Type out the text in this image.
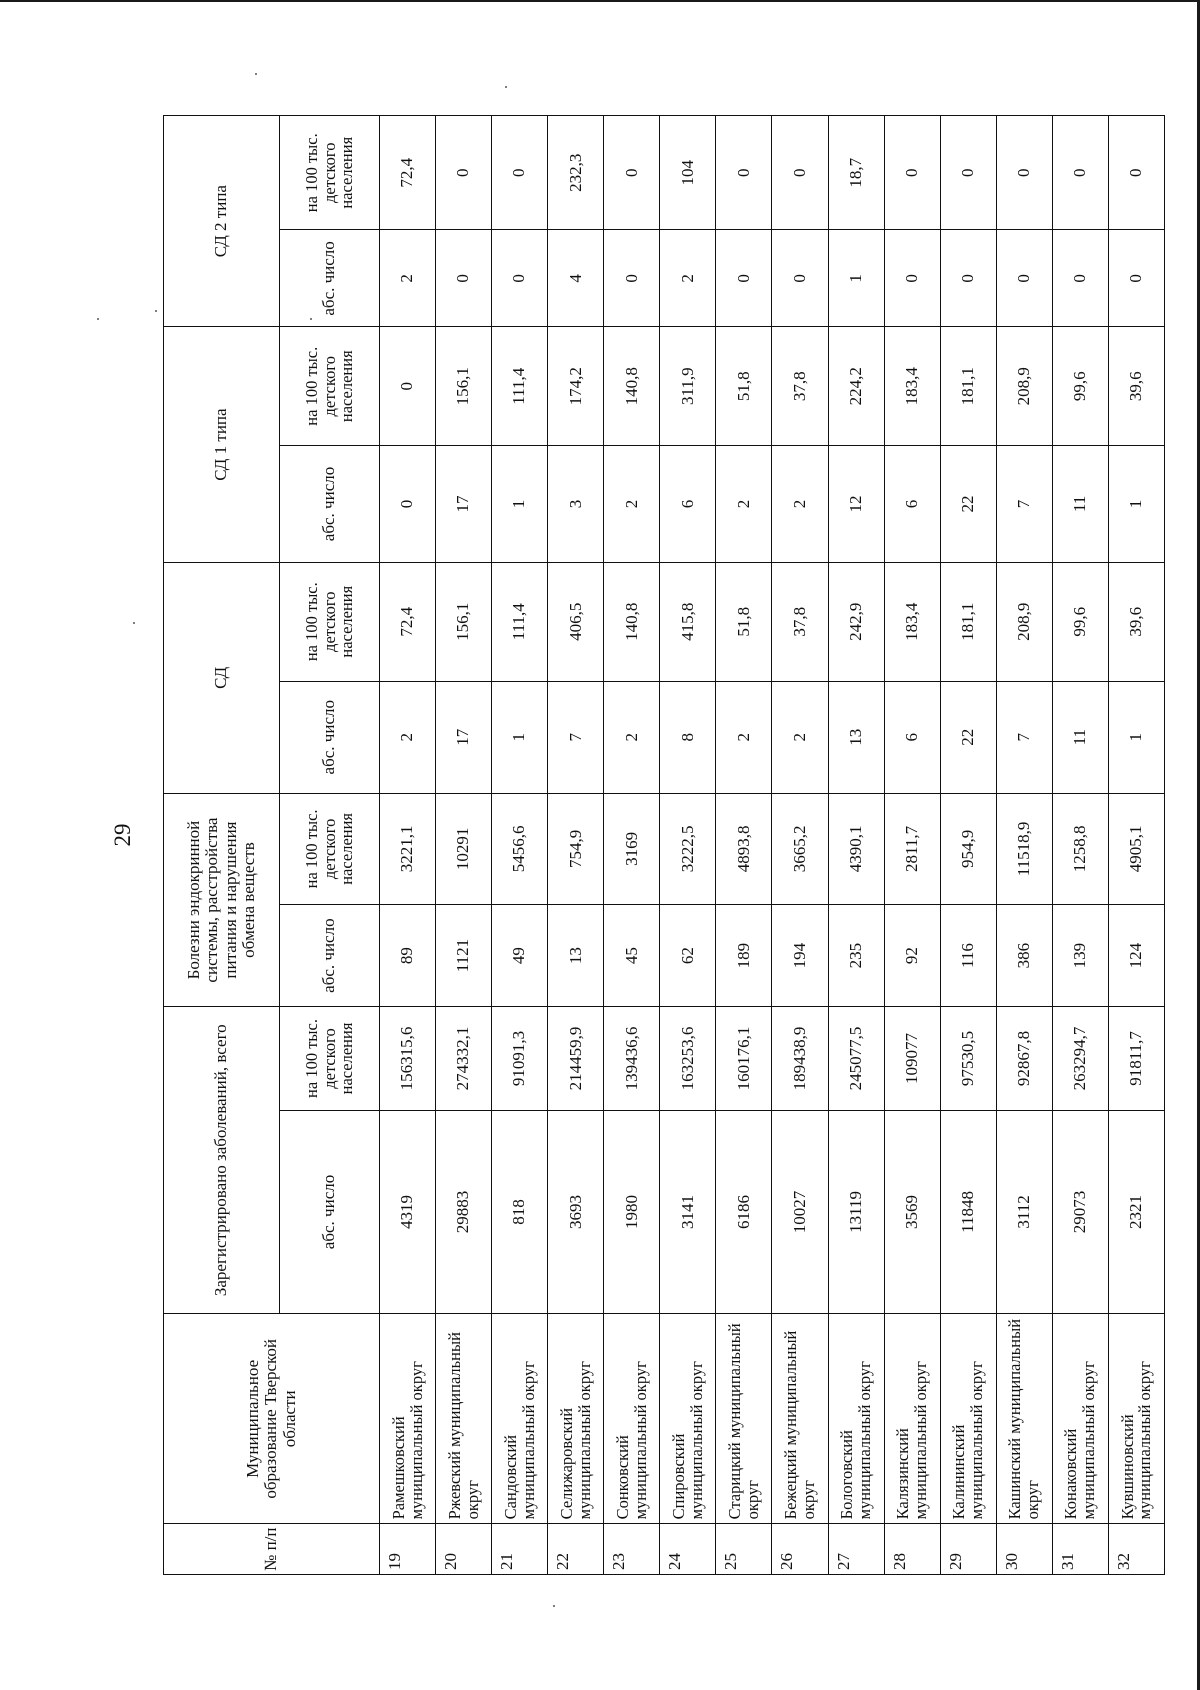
29
№ п/п	Муниципальное образование Тверской области	Зарегистрировано заболеваний, всего		Болезни эндокринной системы, расстройства питания и нарушения обмена веществ		СД		СД 1 типа		СД 2 типа	
		абс. число	на 100 тыс. детского населения	абс. число	на 100 тыс. детского населения	абс. число	на 100 тыс. детского населения	абс. число	на 100 тыс. детского населения	абс. число	на 100 тыс. детского населения
19	Рамешковский муниципальный округ	4319	156315,6	89	3221,1	2	72,4	0	0	2	72,4
20	Ржевский муниципальный округ	29883	274332,1	1121	10291	17	156,1	17	156,1	0	0
21	Сандовский муниципальный округ	818	91091,3	49	5456,6	1	111,4	1	111,4	0	0
22	Селижаровский муниципальный округ	3693	214459,9	13	754,9	7	406,5	3	174,2	4	232,3
23	Сонковский муниципальный округ	1980	139436,6	45	3169	2	140,8	2	140,8	0	0
24	Спировский муниципальный округ	3141	163253,6	62	3222,5	8	415,8	6	311,9	2	104
25	Старицкий муниципальный округ	6186	160176,1	189	4893,8	2	51,8	2	51,8	0	0
26	Бежецкий муниципальный округ	10027	189438,9	194	3665,2	2	37,8	2	37,8	0	0
27	Бологовский муниципальный округ	13119	245077,5	235	4390,1	13	242,9	12	224,2	1	18,7
28	Калязинский муниципальный округ	3569	109077	92	2811,7	6	183,4	6	183,4	0	0
29	Калининский муниципальный округ	11848	97530,5	116	954,9	22	181,1	22	181,1	0	0
30	Кашинский муниципальный округ	3112	92867,8	386	11518,9	7	208,9	7	208,9	0	0
31	Конаковский муниципальный округ	29073	263294,7	139	1258,8	11	99,6	11	99,6	0	0
32	Кувшиновский муниципальный округ	2321	91811,7	124	4905,1	1	39,6	1	39,6	0	0
